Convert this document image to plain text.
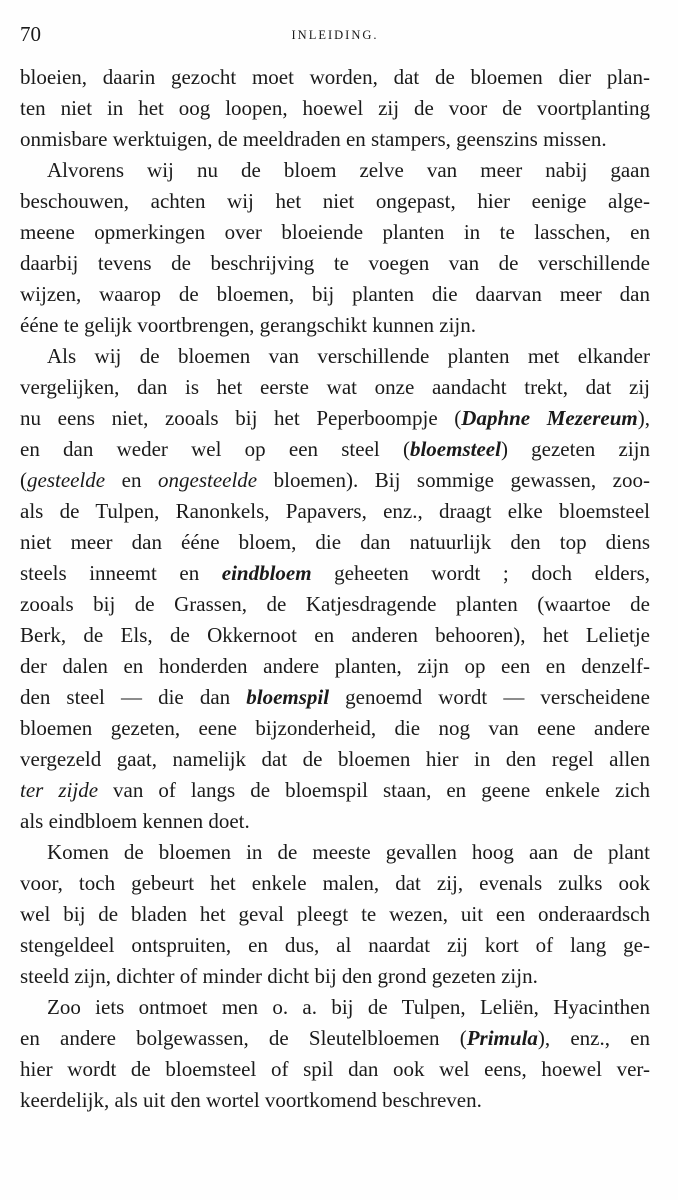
70	INLEIDING.
bloeien, daarin gezocht moet worden, dat de bloemen dier plan-
ten niet in het oog loopen, hoewel zij de voor de voortplanting
onmisbare werktuigen, de meeldraden en stampers, geenszins missen.
Alvorens wij nu de bloem zelve van meer nabij gaan
beschouwen, achten wij het niet ongepast, hier eenige alge-
meene opmerkingen over bloeiende planten in te lasschen, en
daarbij tevens de beschrijving te voegen van de verschillende
wijzen, waarop de bloemen, bij planten die daarvan meer dan
ééne te gelijk voortbrengen, gerangschikt kunnen zijn.
Als wij de bloemen van verschillende planten met elkander
vergelijken, dan is het eerste wat onze aandacht trekt, dat zij
nu eens niet, zooals bij het Peperboompje (Daphne Mezereum),
en dan weder wel op een steel (bloemsteel) gezeten zijn
(gesteelde en ongesteelde bloemen). Bij sommige gewassen, zoo-
als de Tulpen, Ranonkels, Papavers, enz., draagt elke bloemsteel
niet meer dan ééne bloem, die dan natuurlijk den top diens
steels inneemt en eindbloem geheeten wordt ; doch elders,
zooals bij de Grassen, de Katjesdragende planten (waartoe de
Berk, de Els, de Okkernoot en anderen behooren), het Lelietje
der dalen en honderden andere planten, zijn op een en denzelf-
den steel — die dan bloemspil genoemd wordt — verscheidene
bloemen gezeten, eene bijzonderheid, die nog van eene andere
vergezeld gaat, namelijk dat de bloemen hier in den regel allen
ter zijde van of langs de bloemspil staan, en geene enkele zich
als eindbloem kennen doet.
Komen de bloemen in de meeste gevallen hoog aan de plant
voor, toch gebeurt het enkele malen, dat zij, evenals zulks ook
wel bij de bladen het geval pleegt te wezen, uit een onderaardsch
stengeldeel ontspruiten, en dus, al naardat zij kort of lang ge-
steeld zijn, dichter of minder dicht bij den grond gezeten zijn.
Zoo iets ontmoet men o. a. bij de Tulpen, Leliën, Hyacinthen
en andere bolgewassen, de Sleutelbloemen (Primula), enz., en
hier wordt de bloemsteel of spil dan ook wel eens, hoewel ver-
keerdelijk, als uit den wortel voortkomend beschreven.
